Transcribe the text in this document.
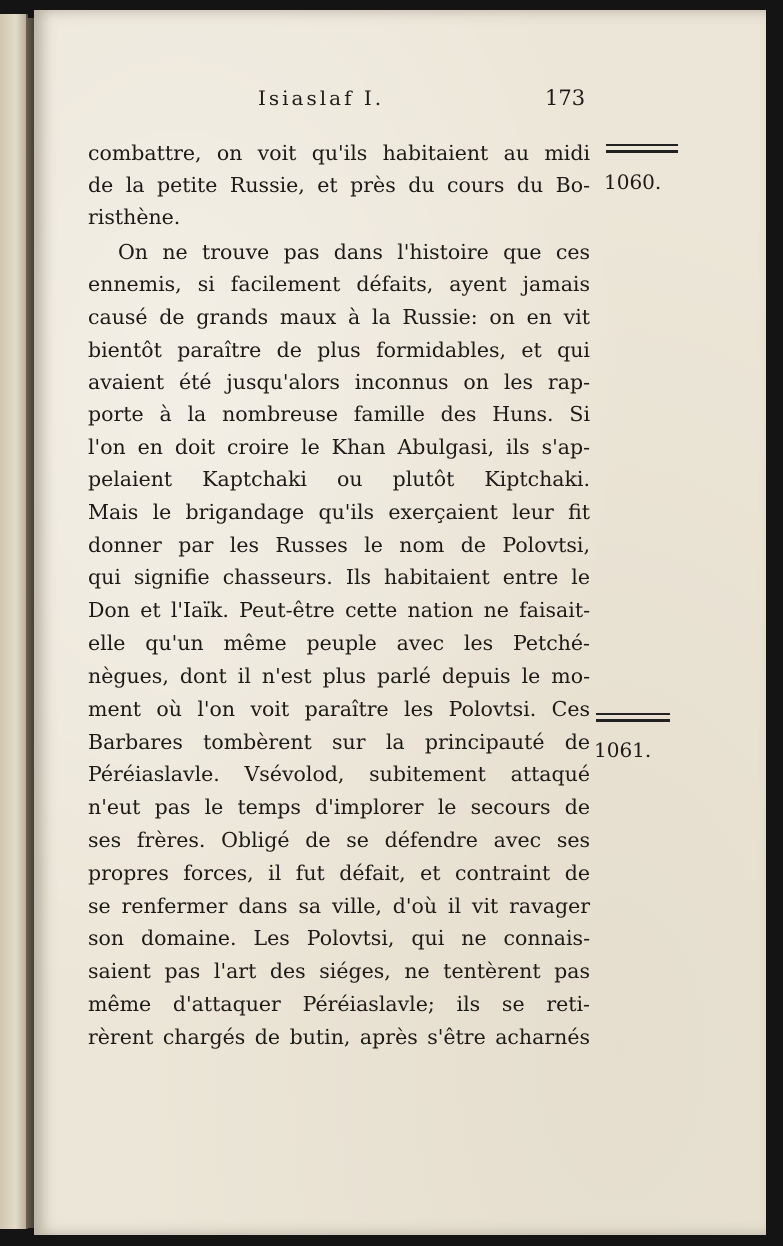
Isiaslaf I.	173
combattre, on voit qu'ils habitaient au midi
de la petite Russie, et près du cours du Bo-
risthène.
On ne trouve pas dans l'histoire que ces
ennemis, si facilement défaits, ayent jamais
causé de grands maux à la Russie: on en vit
bientôt paraître de plus formidables, et qui
avaient été jusqu'alors inconnus on les rap-
porte à la nombreuse famille des Huns. Si
l'on en doit croire le Khan Abulgasi, ils s'ap-
pelaient Kaptchaki ou plutôt Kiptchaki.
Mais le brigandage qu'ils exerçaient leur fit
donner par les Russes le nom de Polovtsi,
qui signifie chasseurs. Ils habitaient entre le
Don et l'Iaïk. Peut-être cette nation ne faisait-
elle qu'un même peuple avec les Petché-
nègues, dont il n'est plus parlé depuis le mo-
ment où l'on voit paraître les Polovtsi. Ces
Barbares tombèrent sur la principauté de
Péréiaslavle. Vsévolod, subitement attaqué
n'eut pas le temps d'implorer le secours de
ses frères. Obligé de se défendre avec ses
propres forces, il fut défait, et contraint de
se renfermer dans sa ville, d'où il vit ravager
son domaine. Les Polovtsi, qui ne connais-
saient pas l'art des siéges, ne tentèrent pas
même d'attaquer Péréiaslavle; ils se reti-
rèrent chargés de butin, après s'être acharnés
1060.
1061.
